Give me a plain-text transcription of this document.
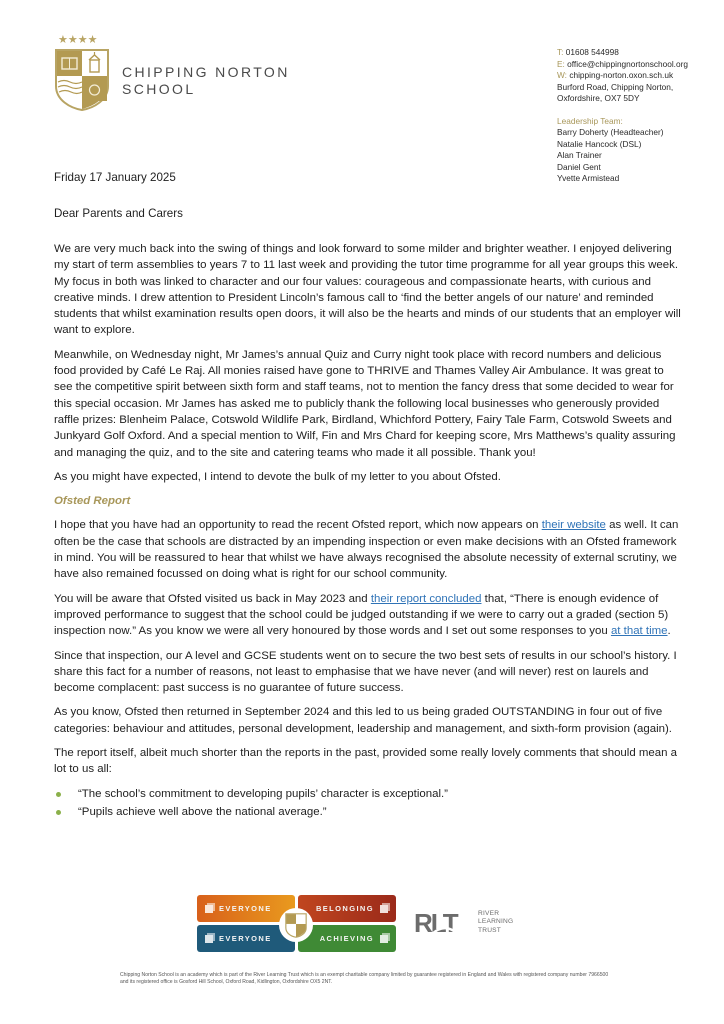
★★★★
CHIPPING NORTON
SCHOOL
T: 01608 544998
E: office@chippingnortonschool.org
W: chipping-norton.oxon.sch.uk
Burford Road, Chipping Norton,
Oxfordshire, OX7 5DY
Leadership Team:
Barry Doherty (Headteacher)
Natalie Hancock (DSL)
Alan Trainer
Daniel Gent
Yvette Armistead
Friday 17 January 2025
Dear Parents and Carers

We are very much back into the swing of things and look forward to some milder and brighter weather. I enjoyed delivering my start of term assemblies to years 7 to 11 last week and providing the tutor time programme for all year groups this week. My focus in both was linked to character and our four values: courageous and compassionate hearts, with curious and creative minds. I drew attention to President Lincoln’s famous call to ‘find the better angels of our nature’ and reminded students that whilst examination results open doors, it will also be the hearts and minds of our students that an employer will want to explore.

Meanwhile, on Wednesday night, Mr James’s annual Quiz and Curry night took place with record numbers and delicious food provided by Café Le Raj. All monies raised have gone to THRIVE and Thames Valley Air Ambulance. It was great to see the competitive spirit between sixth form and staff teams, not to mention the fancy dress that some decided to wear for this special occasion. Mr James has asked me to publicly thank the following local businesses who generously provided raffle prizes: Blenheim Palace, Cotswold Wildlife Park, Birdland, Whichford Pottery, Fairy Tale Farm, Cotswold Sweets and Junkyard Golf Oxford. And a special mention to Wilf, Fin and Mrs Chard for keeping score, Mrs Matthews’s quality assuring and managing the quiz, and to the site and catering teams who made it all possible. Thank you!

As you might have expected, I intend to devote the bulk of my letter to you about Ofsted.

Ofsted Report

I hope that you have had an opportunity to read the recent Ofsted report, which now appears on their website as well. It can often be the case that schools are distracted by an impending inspection or even make decisions with an Ofsted framework in mind. You will be reassured to hear that whilst we have always recognised the absolute necessity of external scrutiny, we have also remained focussed on doing what is right for our school community.

You will be aware that Ofsted visited us back in May 2023 and their report concluded that, “There is enough evidence of improved performance to suggest that the school could be judged outstanding if we were to carry out a graded (section 5) inspection now.” As you know we were all very honoured by those words and I set out some responses to you at that time.

Since that inspection, our A level and GCSE students went on to secure the two best sets of results in our school’s history. I share this fact for a number of reasons, not least to emphasise that we have never (and will never) rest on laurels and become complacent: past success is no guarantee of future success.

As you know, Ofsted then returned in September 2024 and this led to us being graded OUTSTANDING in four out of five categories: behaviour and attitudes, personal development, leadership and management, and sixth-form provision (again).

The report itself, albeit much shorter than the reports in the past, provided some really lovely comments that should mean a lot to us all:

“The school’s commitment to developing pupils’ character is exceptional.”
“Pupils achieve well above the national average.”
EVERYONE	BELONGING
EVERYONE	ACHIEVING
RLT	RIVER
LEARNING
TRUST
Chipping Norton School is an academy which is part of the River Learning Trust which is an exempt charitable company limited by guarantee registered in England and Wales with registered company number 7966500 and its registered office is Gosford Hill School, Oxford Road, Kidlington, Oxfordshire OX5 2NT.
